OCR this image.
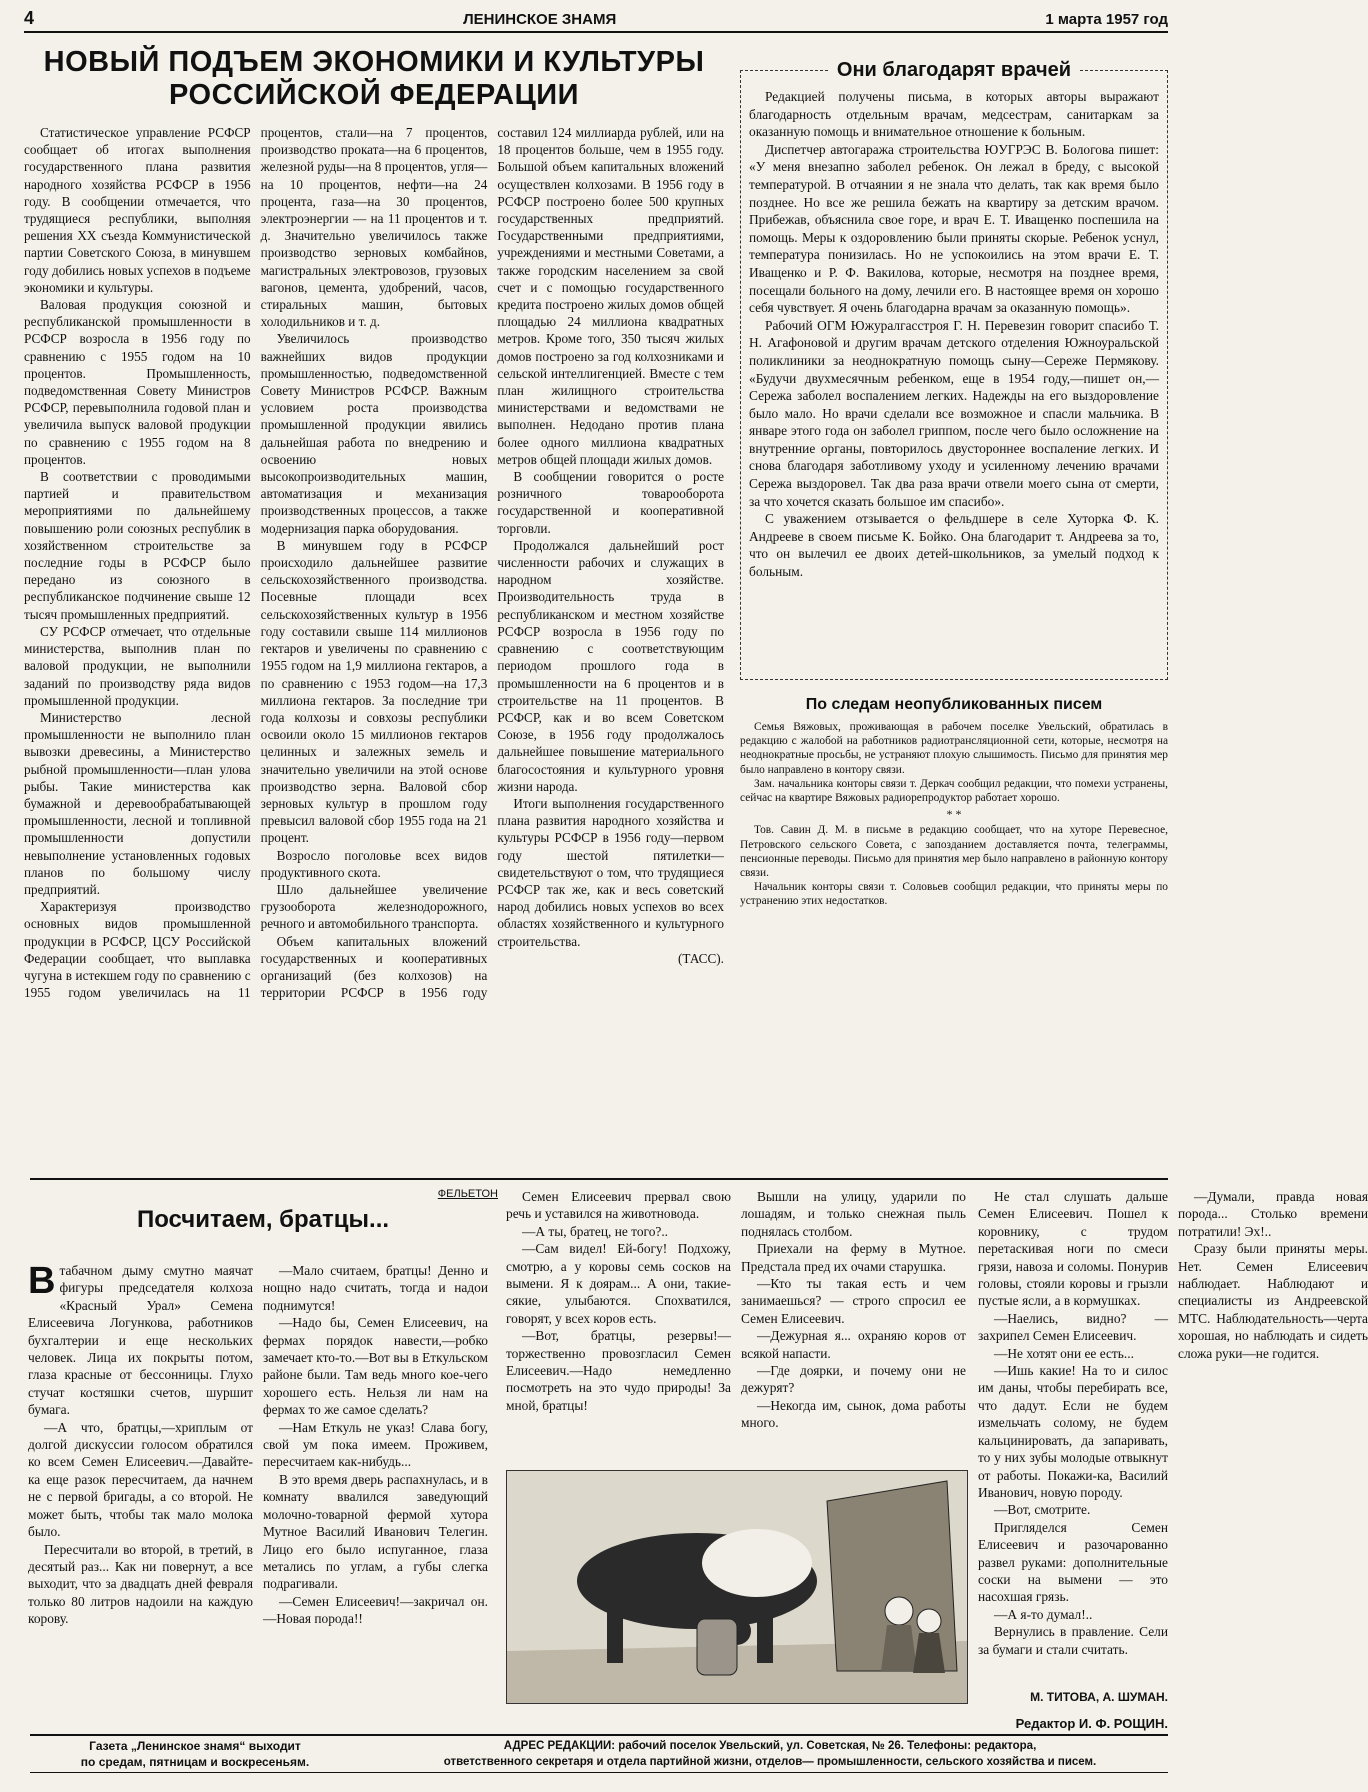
4	ЛЕНИНСКОЕ ЗНАМЯ	1 марта 1957 год
НОВЫЙ ПОДЪЕМ ЭКОНОМИКИ И КУЛЬТУРЫ
РОССИЙСКОЙ ФЕДЕРАЦИИ

Статистическое управление РСФСР сообщает об итогах выполнения государственного плана развития народного хозяйства РСФСР в 1956 году. В сообщении отмечается, что трудящиеся республики, выполняя решения XX съезда Коммунистической партии Советского Союза, в минувшем году добились новых успехов в подъеме экономики и культуры.

Валовая продукция союзной и республиканской промышленности в РСФСР возросла в 1956 году по сравнению с 1955 годом на 10 процентов. Промышленность, подведомственная Совету Министров РСФСР, перевыполнила годовой план и увеличила выпуск валовой продукции по сравнению с 1955 годом на 8 процентов.

В соответствии с проводимыми партией и правительством мероприятиями по дальнейшему повышению роли союзных республик в хозяйственном строительстве за последние годы в РСФСР было передано из союзного в республиканское подчинение свыше 12 тысяч промышленных предприятий.

СУ РСФСР отмечает, что отдельные министерства, выполнив план по валовой продукции, не выполнили заданий по производству ряда видов промышленной продукции.

Министерство лесной промышленности не выполнило план вывозки древесины, а Министерство рыбной промышленности—план улова рыбы. Такие министерства как бумажной и деревообрабатывающей промышленности, лесной и топливной промышленности допустили невыполнение установленных годовых планов по большому числу предприятий.

Характеризуя производство основных видов промышленной продукции в РСФСР, ЦСУ Российской Федерации сообщает, что выплавка чугуна в истекшем году по сравнению с 1955 годом увеличилась на 11 процентов, стали—на 7 процентов, производство проката—на 6 процентов, железной руды—на 8 процентов, угля—на 10 процентов, нефти—на 24 процента, газа—на 30 процентов, электроэнергии — на 11 процентов и т. д. Значительно увеличилось также производство зерновых комбайнов, магистральных электровозов, грузовых вагонов, цемента, удобрений, часов, стиральных машин, бытовых холодильников и т. д.

Увеличилось производство важнейших видов продукции промышленностью, подведомственной Совету Министров РСФСР. Важным условием роста производства промышленной продукции явились дальнейшая работа по внедрению и освоению новых высокопроизводительных машин, автоматизация и механизация производственных процессов, а также модернизация парка оборудования.

В минувшем году в РСФСР происходило дальнейшее развитие сельскохозяйственного производства. Посевные площади всех сельскохозяйственных культур в 1956 году составили свыше 114 миллионов гектаров и увеличены по сравнению с 1955 годом на 1,9 миллиона гектаров, а по сравнению с 1953 годом—на 17,3 миллиона гектаров. За последние три года колхозы и совхозы республики освоили около 15 миллионов гектаров целинных и залежных земель и значительно увеличили на этой основе производство зерна. Валовой сбор зерновых культур в прошлом году превысил валовой сбор 1955 года на 21 процент.

Возросло поголовье всех видов продуктивного скота.

Шло дальнейшее увеличение грузооборота железнодорожного, речного и автомобильного транспорта.

Объем капитальных вложений государственных и кооперативных организаций (без колхозов) на территории РСФСР в 1956 году составил 124 миллиарда рублей, или на 18 процентов больше, чем в 1955 году. Большой объем капитальных вложений осуществлен колхозами. В 1956 году в РСФСР построено более 500 крупных государственных предприятий. Государственными предприятиями, учреждениями и местными Советами, а также городским населением за свой счет и с помощью государственного кредита построено жилых домов общей площадью 24 миллиона квадратных метров. Кроме того, 350 тысяч жилых домов построено за год колхозниками и сельской интеллигенцией. Вместе с тем план жилищного строительства министерствами и ведомствами не выполнен. Недодано против плана более одного миллиона квадратных метров общей площади жилых домов.

В сообщении говорится о росте розничного товарооборота государственной и кооперативной торговли.

Продолжался дальнейший рост численности рабочих и служащих в народном хозяйстве. Производительность труда в республиканском и местном хозяйстве РСФСР возросла в 1956 году по сравнению с соответствующим периодом прошлого года в промышленности на 6 процентов и в строительстве на 11 процентов. В РСФСР, как и во всем Советском Союзе, в 1956 году продолжалось дальнейшее повышение материального благосостояния и культурного уровня жизни народа.

Итоги выполнения государственного плана развития народного хозяйства и культуры РСФСР в 1956 году—первом году шестой пятилетки—свидетельствуют о том, что трудящиеся РСФСР так же, как и весь советский народ добились новых успехов во всех областях хозяйственного и культурного строительства.

(ТАСС).
Они благодарят врачей

Редакцией получены письма, в которых авторы выражают благодарность отдельным врачам, медсестрам, санитаркам за оказанную помощь и внимательное отношение к больным.

Диспетчер автогаража строительства ЮУГРЭС В. Бологова пишет: «У меня внезапно заболел ребенок. Он лежал в бреду, с высокой температурой. В отчаянии я не знала что делать, так как время было позднее. Но все же решила бежать на квартиру за детским врачом. Прибежав, объяснила свое горе, и врач Е. Т. Иващенко поспешила на помощь. Меры к оздоровлению были приняты скорые. Ребенок уснул, температура понизилась. Но не успокоились на этом врачи Е. Т. Иващенко и Р. Ф. Вакилова, которые, несмотря на позднее время, посещали больного на дому, лечили его. В настоящее время он хорошо себя чувствует. Я очень благодарна врачам за оказанную помощь».

Рабочий ОГМ Южуралгасстроя Г. Н. Перевезин говорит спасибо Т. Н. Агафоновой и другим врачам детского отделения Южноуральской поликлиники за неоднократную помощь сыну—Сереже Пермякову. «Будучи двухмесячным ребенком, еще в 1954 году,—пишет он,—Сережа заболел воспалением легких. Надежды на его выздоровление было мало. Но врачи сделали все возможное и спасли мальчика. В январе этого года он заболел гриппом, после чего было осложнение на внутренние органы, повторилось двустороннее воспаление легких. И снова благодаря заботливому уходу и усиленному лечению врачами Сережа выздоровел. Так два раза врачи отвели моего сына от смерти, за что хочется сказать большое им спасибо».

С уважением отзывается о фельдшере в селе Хуторка Ф. К. Андрееве в своем письме К. Бойко. Она благодарит т. Андреева за то, что он вылечил ее двоих детей-школьников, за умелый подход к больным.

По следам неопубликованных писем

Семья Вяжовых, проживающая в рабочем поселке Увельский, обратилась в редакцию с жалобой на работников радиотрансляционной сети, которые, несмотря на неоднократные просьбы, не устраняют плохую слышимость. Письмо для принятия мер было направлено в контору связи.

Зам. начальника конторы связи т. Деркач сообщил редакции, что помехи устранены, сейчас на квартире Вяжовых радиорепродуктор работает хорошо.

* *

Тов. Савин Д. М. в письме в редакцию сообщает, что на хуторе Перевесное, Петровского сельского Совета, с запозданием доставляется почта, телеграммы, пенсионные переводы. Письмо для принятия мер было направлено в районную контору связи.

Начальник конторы связи т. Соловьев сообщил редакции, что приняты меры по устранению этих недостатков.

ФЕЛЬЕТОН
Посчитаем, братцы...
В табачном дыму смутно маячат фигуры председателя колхоза «Красный Урал» Семена Елисеевича Логункова, работников бухгалтерии и еще нескольких человек. Лица их покрыты потом, глаза красные от бессонницы. Глухо стучат костяшки счетов, шуршит бумага.

—А что, братцы,—хриплым от долгой дискуссии голосом обратился ко всем Семен Елисеевич.—Давайте-ка еще разок пересчитаем, да начнем не с первой бригады, а со второй. Не может быть, чтобы так мало молока было.

Пересчитали во второй, в третий, в десятый раз... Как ни повернут, а все выходит, что за двадцать дней февраля только 80 литров надоили на каждую корову.

—Мало считаем, братцы! Денно и нощно надо считать, тогда и надои поднимутся!

—Надо бы, Семен Елисеевич, на фермах порядок навести,—робко замечает кто-то.—Вот вы в Еткульском районе были. Там ведь много кое-чего хорошего есть. Нельзя ли нам на фермах то же самое сделать?

—Нам Еткуль не указ! Слава богу, свой ум пока имеем. Проживем, пересчитаем как-нибудь...

В это время дверь распахнулась, и в комнату ввалился заведующий молочно-товарной фермой хутора Мутное Василий Иванович Телегин. Лицо его было испуганное, глаза метались по углам, а губы слегка подрагивали.

—Семен Елисеевич!—закричал он.—Новая порода!!

Семен Елисеевич прервал свою речь и уставился на животновода.

—А ты, братец, не того?..

—Сам видел! Ей-богу! Подхожу, смотрю, а у коровы семь сосков на вымени. Я к доярам... А они, такие-сякие, улыбаются. Спохватился, говорят, у всех коров есть.

—Вот, братцы, резервы!—торжественно провозгласил Семен Елисеевич.—Надо немедленно посмотреть на это чудо природы! За мной, братцы!

Вышли на улицу, ударили по лошадям, и только снежная пыль поднялась столбом.

Приехали на ферму в Мутное. Предстала пред их очами старушка.

—Кто ты такая есть и чем занимаешься? — строго спросил ее Семен Елисеевич.

—Дежурная я... охраняю коров от всякой напасти.

—Где доярки, и почему они не дежурят?

—Некогда им, сынок, дома работы много.

Не стал слушать дальше Семен Елисеевич. Пошел к коровнику, с трудом перетаскивая ноги по смеси грязи, навоза и соломы. Понурив головы, стояли коровы и грызли пустые ясли, а в кормушках.

—Наелись, видно? — захрипел Семен Елисеевич.

—Не хотят они ее есть...

—Ишь какие! На то и силос им даны, чтобы перебирать все, что дадут. Если не будем измельчать солому, не будем кальцинировать, да запаривать, то у них зубы молодые отвыкнут от работы. Покажи-ка, Василий Иванович, новую породу.

—Вот, смотрите.

Пригляделся Семен Елисеевич и разочарованно развел руками: дополнительные соски на вымени — это насохшая грязь.

—А я-то думал!..

Вернулись в правление. Сели за бумаги и стали считать.

—Думали, правда новая порода... Столько времени потратили! Эх!..

Сразу были приняты меры. Нет. Семен Елисеевич наблюдает. Наблюдают и специалисты из Андреевской МТС. Наблюдательность—черта хорошая, но наблюдать и сидеть сложа руки—не годится.

М. ТИТОВА, А. ШУМАН.
Редактор И. Ф. РОЩИН.
Газета „Ленинское знамя“ выходит
по средам, пятницам и воскресеньям.
АДРЕС РЕДАКЦИИ: рабочий поселок Увельский, ул. Советская, № 26. Телефоны: редактора,
ответственного секретаря и отдела партийной жизни, отделов— промышленности, сельского хозяйства и писем.
